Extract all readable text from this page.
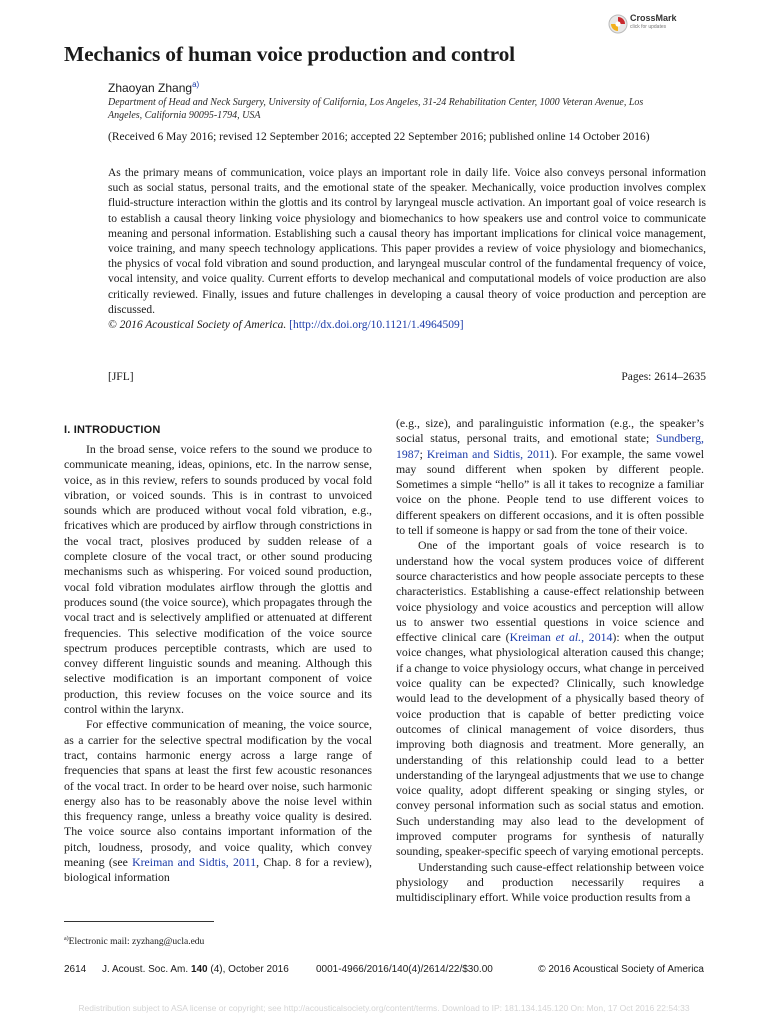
CrossMark
click for updates
Mechanics of human voice production and control
Zhaoyan Zhang$^{a)}$
Department of Head and Neck Surgery, University of California, Los Angeles, 31-24 Rehabilitation Center, 1000 Veteran Avenue, Los Angeles, California 90095-1794, USA
(Received 6 May 2016; revised 12 September 2016; accepted 22 September 2016; published online 14 October 2016)
As the primary means of communication, voice plays an important role in daily life. Voice also conveys personal information such as social status, personal traits, and the emotional state of the speaker. Mechanically, voice production involves complex fluid-structure interaction within the glottis and its control by laryngeal muscle activation. An important goal of voice research is to establish a causal theory linking voice physiology and biomechanics to how speakers use and control voice to communicate meaning and personal information. Establishing such a causal theory has important implications for clinical voice management, voice training, and many speech technology applications. This paper provides a review of voice physiology and biomechanics, the physics of vocal fold vibration and sound production, and laryngeal muscular control of the fundamental frequency of voice, vocal intensity, and voice quality. Current efforts to develop mechanical and computational models of voice production are also critically reviewed. Finally, issues and future challenges in developing a causal theory of voice production and perception are discussed.
© 2016 Acoustical Society of America. [http://dx.doi.org/10.1121/1.4964509]
[JFL]	Pages: 2614–2635
I. INTRODUCTION

In the broad sense, voice refers to the sound we produce to communicate meaning, ideas, opinions, etc. In the narrow sense, voice, as in this review, refers to sounds produced by vocal fold vibration, or voiced sounds. This is in contrast to unvoiced sounds which are produced without vocal fold vibration, e.g., fricatives which are produced by airflow through constrictions in the vocal tract, plosives produced by sudden release of a complete closure of the vocal tract, or other sound producing mechanisms such as whispering. For voiced sound production, vocal fold vibration modulates airflow through the glottis and produces sound (the voice source), which propagates through the vocal tract and is selectively amplified or attenuated at different frequencies. This selective modification of the voice source spectrum produces perceptible contrasts, which are used to convey different linguistic sounds and meaning. Although this selective modification is an important component of voice production, this review focuses on the voice source and its control within the larynx.

For effective communication of meaning, the voice source, as a carrier for the selective spectral modification by the vocal tract, contains harmonic energy across a large range of frequencies that spans at least the first few acoustic resonances of the vocal tract. In order to be heard over noise, such harmonic energy also has to be reasonably above the noise level within this frequency range, unless a breathy voice quality is desired. The voice source also contains important information of the pitch, loudness, prosody, and voice quality, which convey meaning (see Kreiman and Sidtis, 2011, Chap. 8 for a review), biological information

(e.g., size), and paralinguistic information (e.g., the speaker’s social status, personal traits, and emotional state; Sundberg, 1987; Kreiman and Sidtis, 2011). For example, the same vowel may sound different when spoken by different people. Sometimes a simple “hello” is all it takes to recognize a familiar voice on the phone. People tend to use different voices to different speakers on different occasions, and it is often possible to tell if someone is happy or sad from the tone of their voice.

One of the important goals of voice research is to understand how the vocal system produces voice of different source characteristics and how people associate percepts to these characteristics. Establishing a cause-effect relationship between voice physiology and voice acoustics and perception will allow us to answer two essential questions in voice science and effective clinical care (Kreiman et al., 2014): when the output voice changes, what physiological alteration caused this change; if a change to voice physiology occurs, what change in perceived voice quality can be expected? Clinically, such knowledge would lead to the development of a physically based theory of voice production that is capable of better predicting voice outcomes of clinical management of voice disorders, thus improving both diagnosis and treatment. More generally, an understanding of this relationship could lead to a better understanding of the laryngeal adjustments that we use to change voice quality, adopt different speaking or singing styles, or convey personal information such as social status and emotion. Such understanding may also lead to the development of improved computer programs for synthesis of naturally sounding, speaker-specific speech of varying emotional percepts.

Understanding such cause-effect relationship between voice physiology and production necessarily requires a multidisciplinary effort. While voice production results from a

$^{a)}$Electronic mail: zyzhang@ucla.edu
2614 J. Acoust. Soc. Am. 140 (4), October 2016	0001-4966/2016/140(4)/2614/22/$30.00	© 2016 Acoustical Society of America
Redistribution subject to ASA license or copyright; see http://acousticalsociety.org/content/terms. Download to IP: 181.134.145.120 On: Mon, 17 Oct 2016 22:54:33
